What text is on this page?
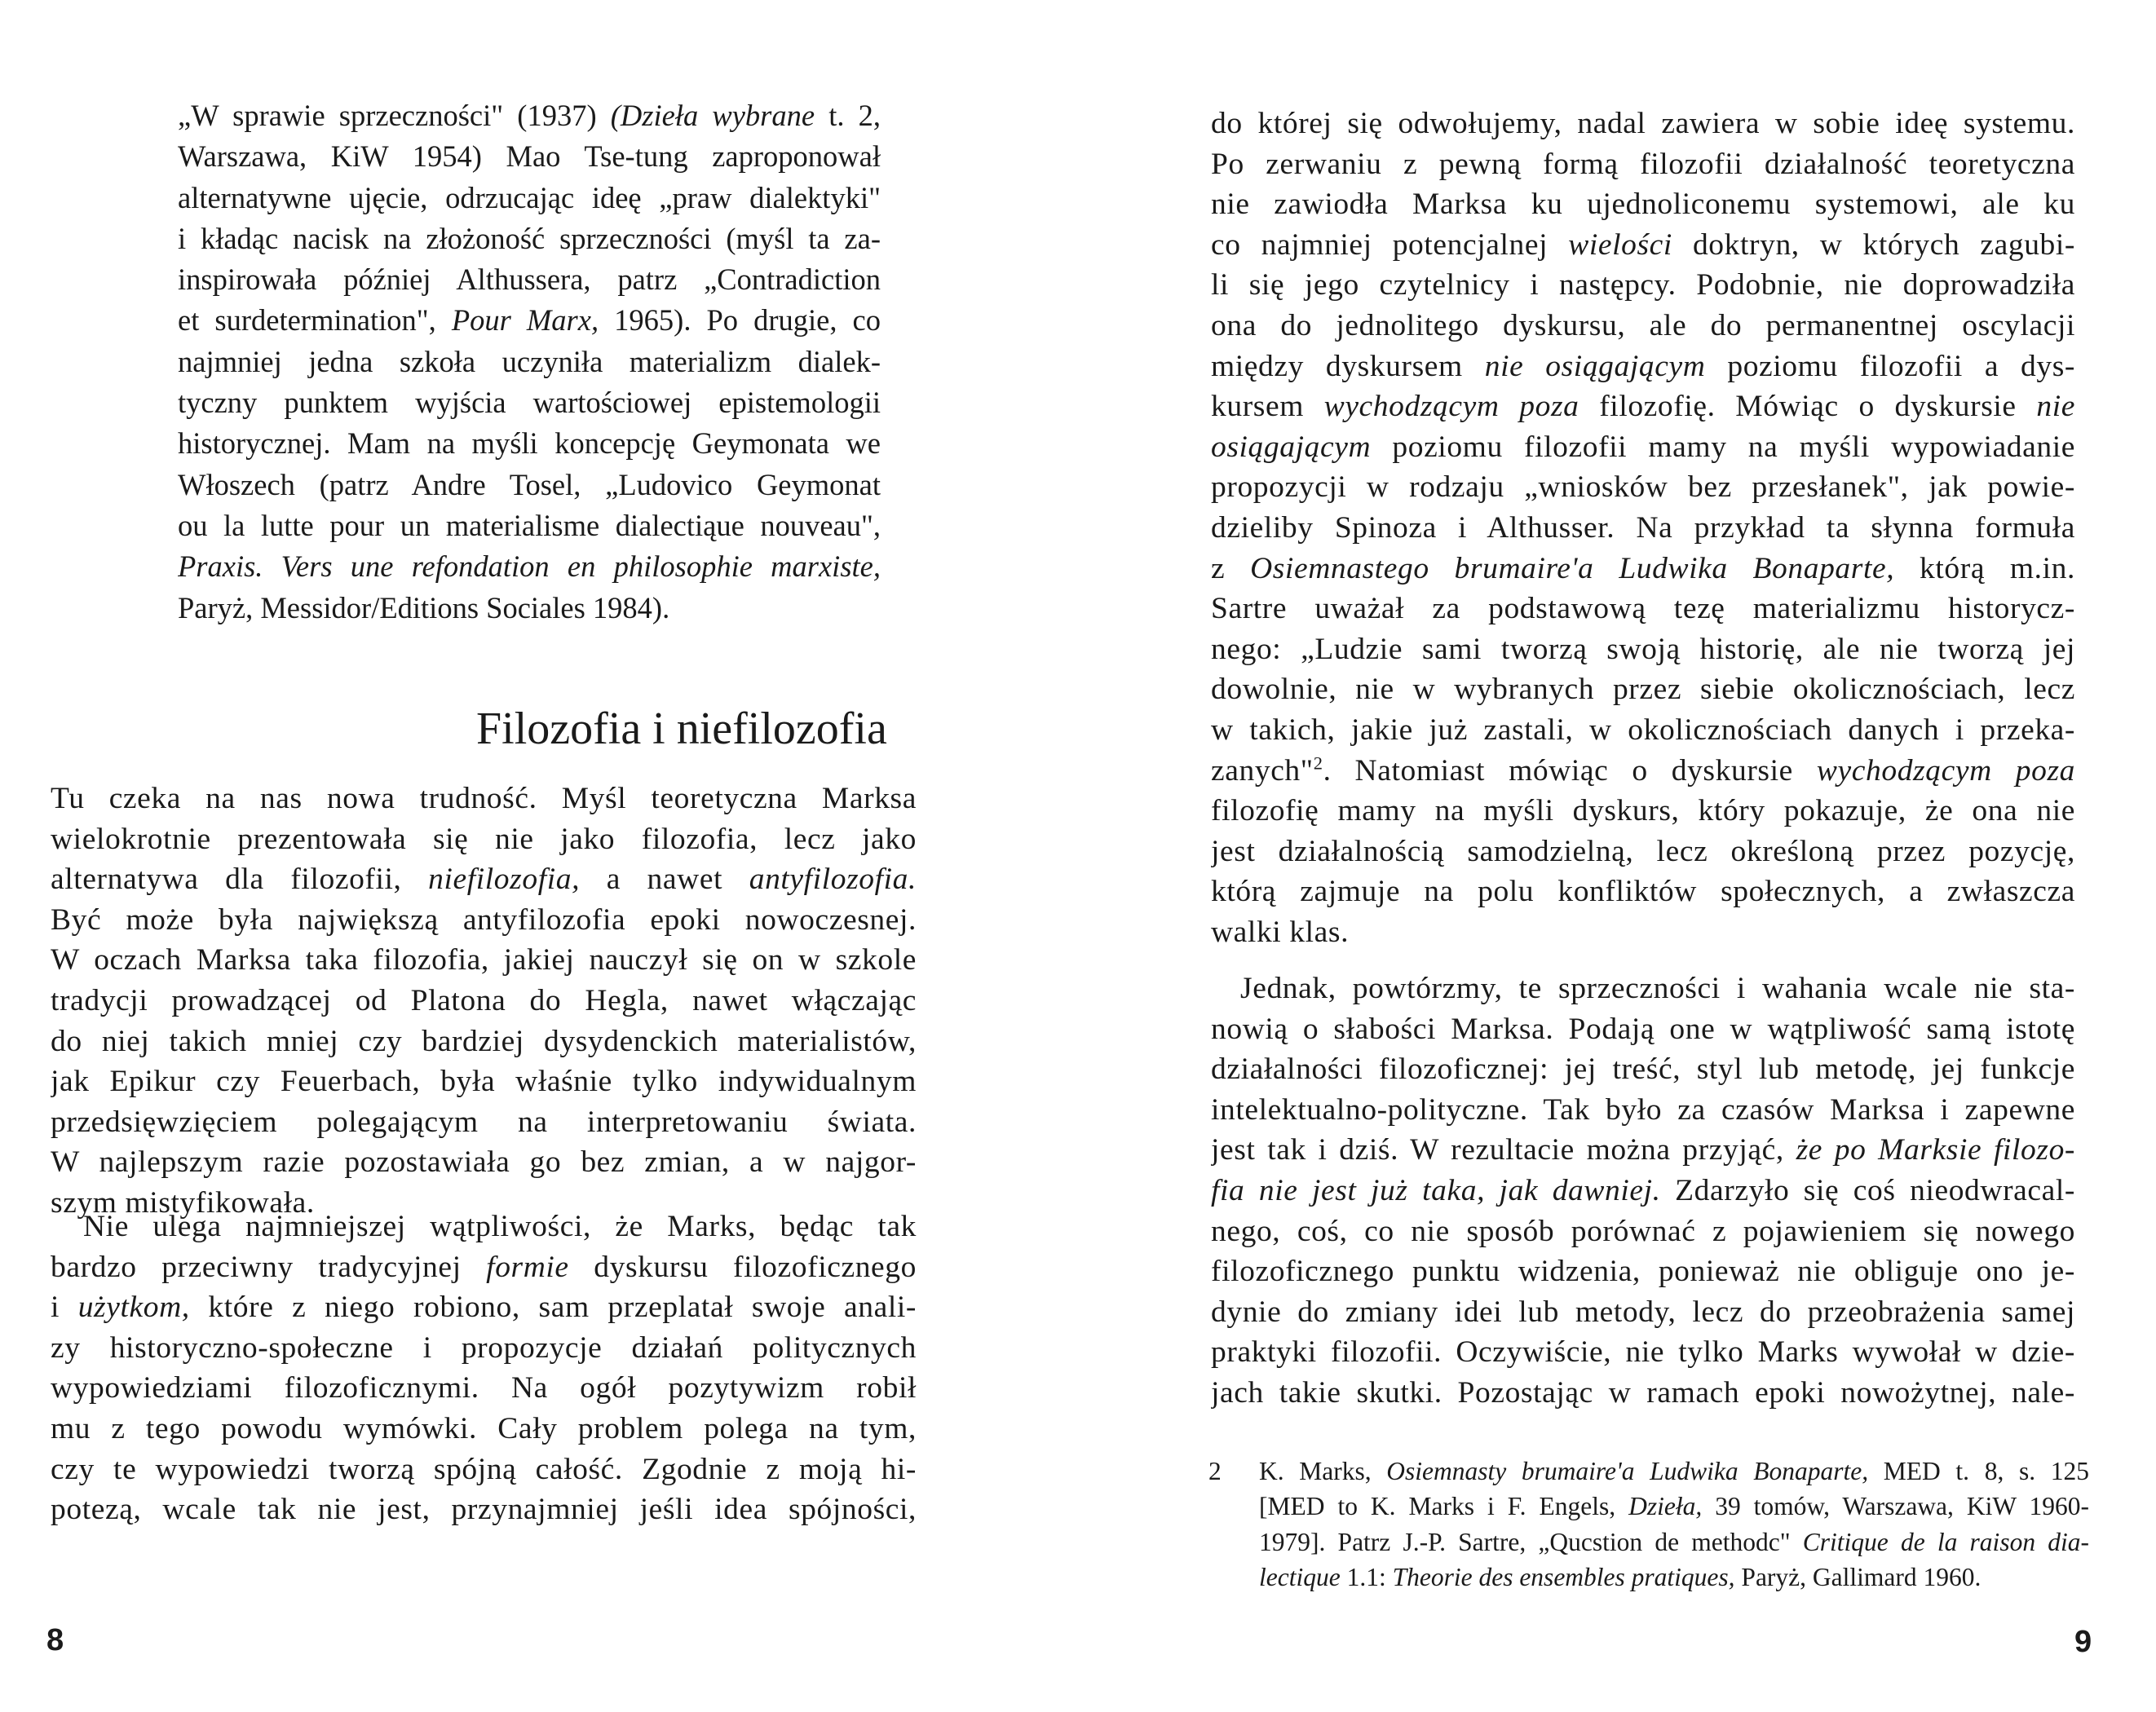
„W sprawie sprzeczności" (1937) (Dzieła wybrane t. 2,
Warszawa, KiW 1954) Mao Tse-tung zaproponował
alternatywne ujęcie, odrzucając ideę „praw dialektyki"
i kładąc nacisk na złożoność sprzeczności (myśl ta za-
inspirowała później Althussera, patrz „Contradiction
et surdetermination", Pour Marx, 1965). Po drugie, co
najmniej jedna szkoła uczyniła materializm dialek-
tyczny punktem wyjścia wartościowej epistemologii
historycznej. Mam na myśli koncepcję Geymonata we
Włoszech (patrz Andre Tosel, „Ludovico Geymonat
ou la lutte pour un materialisme dialectiąue nouveau",
Praxis. Vers une refondation en philosophie marxiste,
Paryż, Messidor/Editions Sociales 1984).
Filozofia i niefilozofia
Tu czeka na nas nowa trudność. Myśl teoretyczna Marksa
wielokrotnie prezentowała się nie jako filozofia, lecz jako
alternatywa dla filozofii, niefilozofia, a nawet antyfilozofia.
Być może była największą antyfilozofia epoki nowoczesnej.
W oczach Marksa taka filozofia, jakiej nauczył się on w szkole
tradycji prowadzącej od Platona do Hegla, nawet włączając
do niej takich mniej czy bardziej dysydenckich materialistów,
jak Epikur czy Feuerbach, była właśnie tylko indywidualnym
przedsięwzięciem polegającym na interpretowaniu świata.
W najlepszym razie pozostawiała go bez zmian, a w najgor-
szym mistyfikowała.
Nie ulega najmniejszej wątpliwości, że Marks, będąc tak
bardzo przeciwny tradycyjnej formie dyskursu filozoficznego
i użytkom, które z niego robiono, sam przeplatał swoje anali-
zy historyczno-społeczne i propozycje działań politycznych
wypowiedziami filozoficznymi. Na ogół pozytywizm robił
mu z tego powodu wymówki. Cały problem polega na tym,
czy te wypowiedzi tworzą spójną całość. Zgodnie z moją hi-
potezą, wcale tak nie jest, przynajmniej jeśli idea spójności,
8
do której się odwołujemy, nadal zawiera w sobie ideę systemu.
Po zerwaniu z pewną formą filozofii działalność teoretyczna
nie zawiodła Marksa ku ujednoliconemu systemowi, ale ku
co najmniej potencjalnej wielości doktryn, w których zagubi-
li się jego czytelnicy i następcy. Podobnie, nie doprowadziła
ona do jednolitego dyskursu, ale do permanentnej oscylacji
między dyskursem nie osiągającym poziomu filozofii a dys-
kursem wychodzącym poza filozofię. Mówiąc o dyskursie nie
osiągającym poziomu filozofii mamy na myśli wypowiadanie
propozycji w rodzaju „wniosków bez przesłanek", jak powie-
dzieliby Spinoza i Althusser. Na przykład ta słynna formuła
z Osiemnastego brumaire'a Ludwika Bonaparte, którą m.in.
Sartre uważał za podstawową tezę materializmu historycz-
nego: „Ludzie sami tworzą swoją historię, ale nie tworzą jej
dowolnie, nie w wybranych przez siebie okolicznościach, lecz
w takich, jakie już zastali, w okolicznościach danych i przeka-
zanych"$^2$. Natomiast mówiąc o dyskursie wychodzącym poza
filozofię mamy na myśli dyskurs, który pokazuje, że ona nie
jest działalnością samodzielną, lecz określoną przez pozycję,
którą zajmuje na polu konfliktów społecznych, a zwłaszcza
walki klas.
Jednak, powtórzmy, te sprzeczności i wahania wcale nie sta-
nowią o słabości Marksa. Podają one w wątpliwość samą istotę
działalności filozoficznej: jej treść, styl lub metodę, jej funkcje
intelektualno-polityczne. Tak było za czasów Marksa i zapewne
jest tak i dziś. W rezultacie można przyjąć, że po Marksie filozo-
fia nie jest już taka, jak dawniej. Zdarzyło się coś nieodwracal-
nego, coś, co nie sposób porównać z pojawieniem się nowego
filozoficznego punktu widzenia, ponieważ nie obliguje ono je-
dynie do zmiany idei lub metody, lecz do przeobrażenia samej
praktyki filozofii. Oczywiście, nie tylko Marks wywołał w dzie-
jach takie skutki. Pozostając w ramach epoki nowożytnej, nale-
2 K. Marks, Osiemnasty brumaire'a Ludwika Bonaparte, MED t. 8, s. 125
[MED to K. Marks i F. Engels, Dzieła, 39 tomów, Warszawa, KiW 1960-
1979]. Patrz J.-P. Sartre, „Qucstion de methodc" Critique de la raison dia-
lectique 1.1: Theorie des ensembles pratiques, Paryż, Gallimard 1960.
9
